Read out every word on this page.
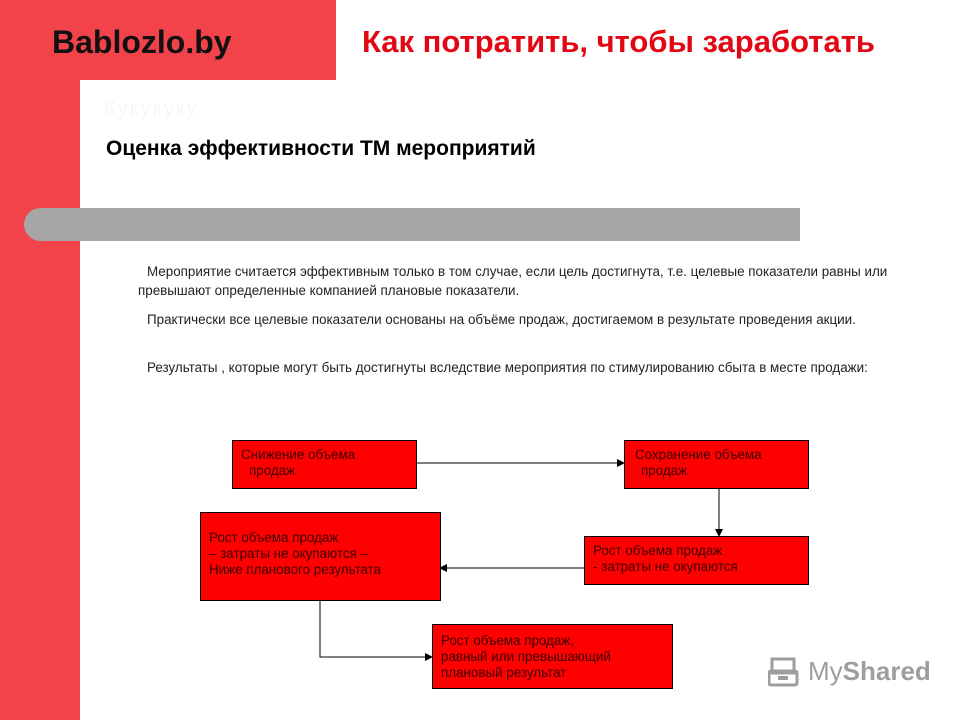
Bablozlo.by	Как потратить, чтобы заработать
Кукукуку
Оценка эффективности ТМ мероприятий
Мероприятие считается эффективным только в том случае, если цель достигнута, т.е. целевые показатели равны или превышают определенные компанией плановые показатели.
Практически все целевые показатели основаны на объёме продаж, достигаемом в результате проведения акции.
Результаты , которые могут быть достигнуты вследствие мероприятия по стимулированию сбыта в месте продажи:
Снижение объема
продаж
Сохранение объема
продаж
Рост объема продаж
- затраты не окупаются
Рост объема продаж
– затраты не окупаются –
Ниже планового результата
Рост объема продаж,
равный или превышающий
плановый результат	MyShared
